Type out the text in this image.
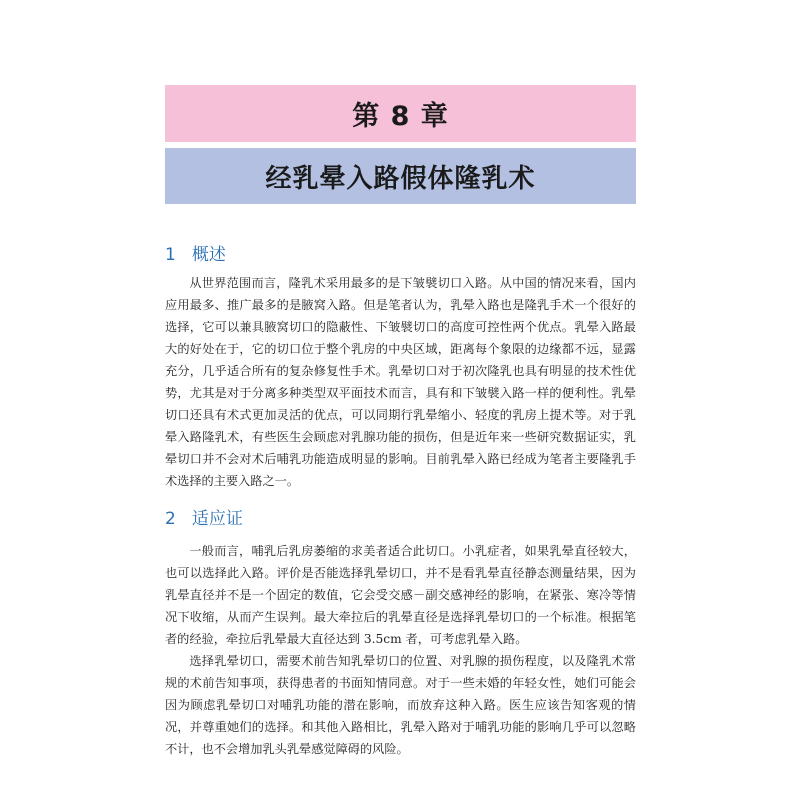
第 8 章
经乳晕入路假体隆乳术
1 概述

从世界范围而言，隆乳术采用最多的是下皱襞切口入路。从中国的情况来看，国内应用最多、推广最多的是腋窝入路。但是笔者认为，乳晕入路也是隆乳手术一个很好的选择，它可以兼具腋窝切口的隐蔽性、下皱襞切口的高度可控性两个优点。乳晕入路最大的好处在于，它的切口位于整个乳房的中央区域，距离每个象限的边缘都不远，显露充分，几乎适合所有的复杂修复性手术。乳晕切口对于初次隆乳也具有明显的技术性优势，尤其是对于分离多种类型双平面技术而言，具有和下皱襞入路一样的便利性。乳晕切口还具有术式更加灵活的优点，可以同期行乳晕缩小、轻度的乳房上提术等。对于乳晕入路隆乳术，有些医生会顾虑对乳腺功能的损伤，但是近年来一些研究数据证实，乳晕切口并不会对术后哺乳功能造成明显的影响。目前乳晕入路已经成为笔者主要隆乳手术选择的主要入路之一。

2 适应证

一般而言，哺乳后乳房萎缩的求美者适合此切口。小乳症者，如果乳晕直径较大，也可以选择此入路。评价是否能选择乳晕切口，并不是看乳晕直径静态测量结果，因为乳晕直径并不是一个固定的数值，它会受交感－副交感神经的影响，在紧张、寒冷等情况下收缩，从而产生误判。最大牵拉后的乳晕直径是选择乳晕切口的一个标准。根据笔者的经验，牵拉后乳晕最大直径达到 3.5cm 者，可考虑乳晕入路。

选择乳晕切口，需要术前告知乳晕切口的位置、对乳腺的损伤程度，以及隆乳术常规的术前告知事项，获得患者的书面知情同意。对于一些未婚的年轻女性，她们可能会因为顾虑乳晕切口对哺乳功能的潜在影响，而放弃这种入路。医生应该告知客观的情况，并尊重她们的选择。和其他入路相比，乳晕入路对于哺乳功能的影响几乎可以忽略不计，也不会增加乳头乳晕感觉障碍的风险。
